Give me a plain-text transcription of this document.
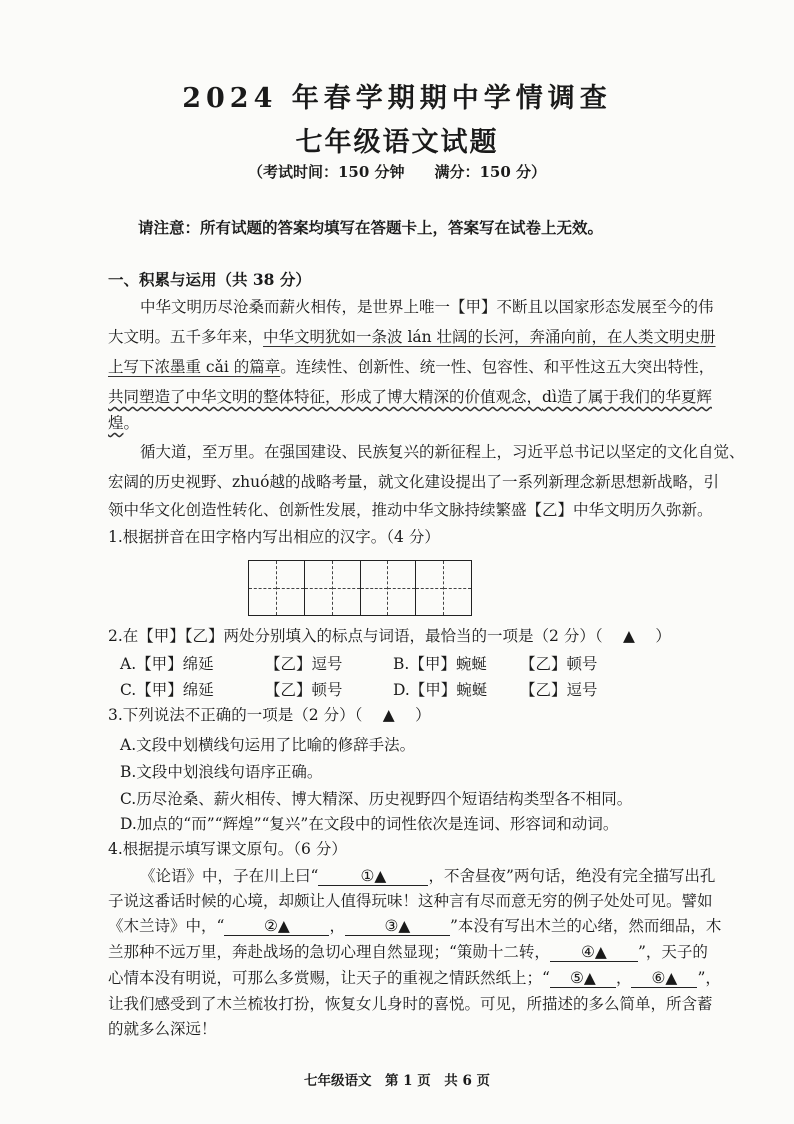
2024 年春学期期中学情调查
七年级语文试题
（考试时间：150 分钟　　满分：150 分）
请注意：所有试题的答案均填写在答题卡上，答案写在试卷上无效。
一、积累与运用（共 38 分）
中华文明历尽沧桑而薪火相传，是世界上唯一【甲】不断且以国家形态发展至今的伟
大文明。五千多年来，中华文明犹如一条波 lán 壮阔的长河，奔涌向前，在人类文明史册
上写下浓墨重 cǎi 的篇章。连续性、创新性、统一性、包容性、和平性这五大突出特性，
共同塑造了中华文明的整体特征，形成了博大精深的价值观念，dì造了属于我们的华夏辉
煌。
循大道，至万里。在强国建设、民族复兴的新征程上，习近平总书记以坚定的文化自觉、
宏阔的历史视野、zhuó越的战略考量，就文化建设提出了一系列新理念新思想新战略，引
领中华文化创造性转化、创新性发展，推动中华文脉持续繁盛【乙】中华文明历久弥新。
1.根据拼音在田字格内写出相应的汉字。（4 分）
2.在【甲】【乙】两处分别填入的标点与词语，最恰当的一项是（2 分）（　 ▲　 ）
A.【甲】绵延	【乙】逗号	B.【甲】蜿蜒 【乙】顿号
C.【甲】绵延	【乙】顿号	D.【甲】蜿蜒 【乙】逗号
3.下列说法不正确的一项是（2 分）（　 ▲　 ）
A.文段中划横线句运用了比喻的修辞手法。
B.文段中划浪线句语序正确。
C.历尽沧桑、薪火相传、博大精深、历史视野四个短语结构类型各不相同。
D.加点的“而”“辉煌”“复兴”在文段中的词性依次是连词、形容词和动词。
4.根据提示填写课文原句。（6 分）
《论语》中，子在川上曰“	①▲	，不舍昼夜”两句话，绝没有完全描写出孔
子说这番话时候的心境，却颇让人值得玩味！这种言有尽而意无穷的例子处处可见。譬如
《木兰诗》中，“	②▲	，	③▲	”本没有写出木兰的心绪，然而细品，木
兰那种不远万里，奔赴战场的急切心理自然显现；“策勋十二转， ④▲ ”，天子的
心情本没有明说，可那么多赏赐，让天子的重视之情跃然纸上；“ ⑤▲ ， ⑥▲ ”，
让我们感受到了木兰梳妆打扮，恢复女儿身时的喜悦。可见，所描述的多么简单，所含蓄
的就多么深远！
七年级语文　第 1 页　共 6 页
